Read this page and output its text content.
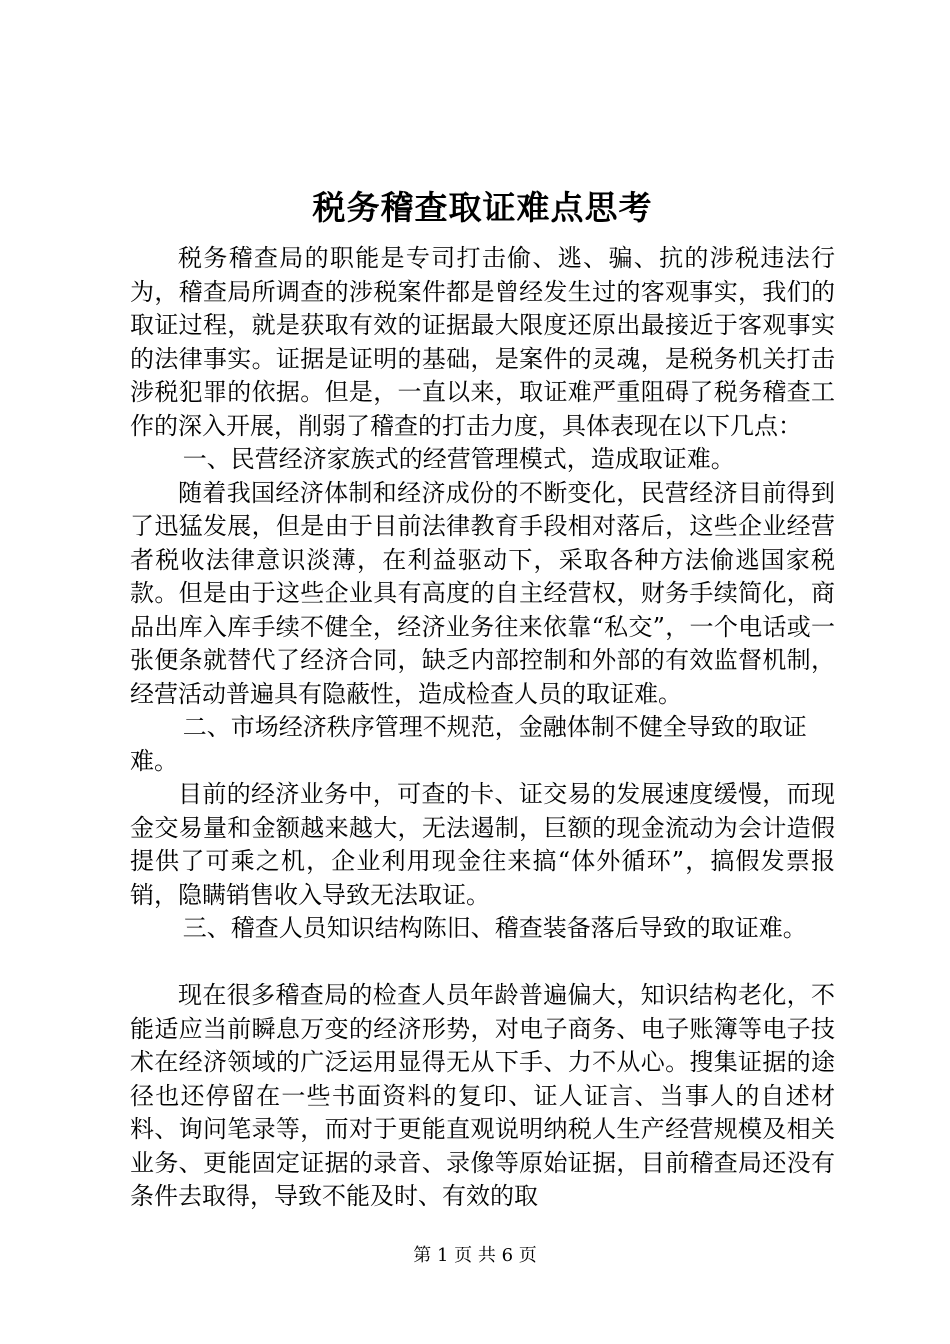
税务稽查取证难点思考

税务稽查局的职能是专司打击偷、逃、骗、抗的涉税违法行为，稽查局所调查的涉税案件都是曾经发生过的客观事实，我们的取证过程，就是获取有效的证据最大限度还原出最接近于客观事实的法律事实。证据是证明的基础，是案件的灵魂，是税务机关打击涉税犯罪的依据。但是，一直以来，取证难严重阻碍了税务稽查工作的深入开展，削弱了稽查的打击力度，具体表现在以下几点：

一、民营经济家族式的经营管理模式，造成取证难。

随着我国经济体制和经济成份的不断变化，民营经济目前得到了迅猛发展，但是由于目前法律教育手段相对落后，这些企业经营者税收法律意识淡薄，在利益驱动下，采取各种方法偷逃国家税款。但是由于这些企业具有高度的自主经营权，财务手续简化，商品出库入库手续不健全，经济业务往来依靠“私交”，一个电话或一张便条就替代了经济合同，缺乏内部控制和外部的有效监督机制，经营活动普遍具有隐蔽性，造成检查人员的取证难。

二、市场经济秩序管理不规范，金融体制不健全导致的取证难。

目前的经济业务中，可查的卡、证交易的发展速度缓慢，而现金交易量和金额越来越大，无法遏制，巨额的现金流动为会计造假提供了可乘之机，企业利用现金往来搞“体外循环”，搞假发票报销，隐瞒销售收入导致无法取证。

三、稽查人员知识结构陈旧、稽查装备落后导致的取证难。

现在很多稽查局的检查人员年龄普遍偏大，知识结构老化，不能适应当前瞬息万变的经济形势，对电子商务、电子账簿等电子技术在经济领域的广泛运用显得无从下手、力不从心。搜集证据的途径也还停留在一些书面资料的复印、证人证言、当事人的自述材料、询问笔录等，而对于更能直观说明纳税人生产经营规模及相关业务、更能固定证据的录音、录像等原始证据，目前稽查局还没有条件去取得，导致不能及时、有效的取

第 1 页 共 6 页
